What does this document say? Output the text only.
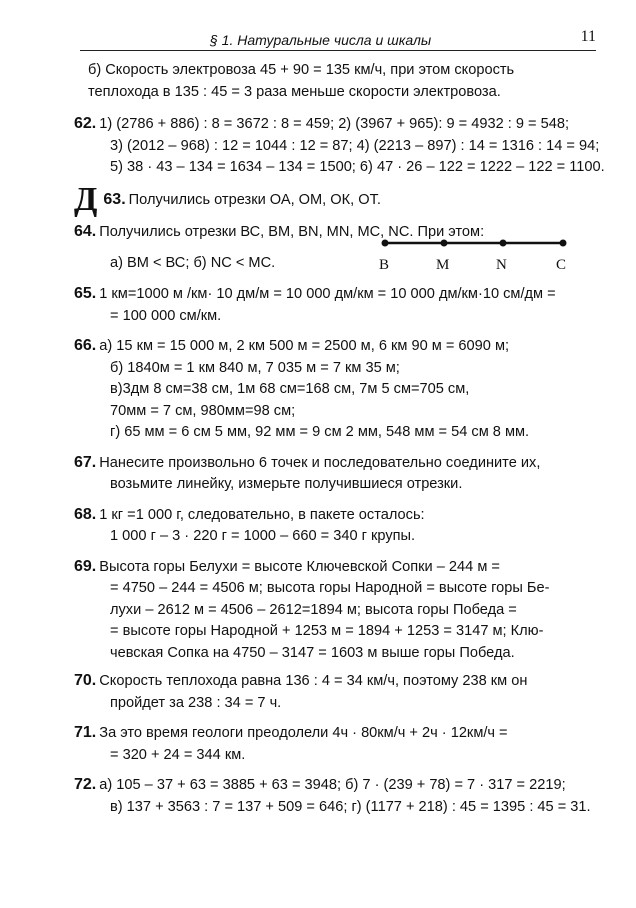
§ 1. Натуральные числа и шкалы	11
б) Скорость электровоза 45 + 90 = 135 км/ч, при этом скорость
теплохода в 135 : 45 = 3 раза меньше скорости электровоза.
62. 1) (2786 + 886) : 8 = 3672 : 8 = 459; 2) (3967 + 965): 9 = 4932 : 9 = 548;
3) (2012 – 968) : 12 = 1044 : 12 = 87; 4) (2213 – 897) : 14 = 1316 : 14 = 94;
5) 38 · 43 – 134 = 1634 – 134 = 1500; 6) 47 · 26 – 122 = 1222 – 122 = 1100.
Д 63. Получились отрезки ОА, ОМ, ОК, ОТ.
64. Получились отрезки ВС, ВМ, BN, MN, МС, NC. При этом:
а) ВМ < ВС; б) NC < МС.	B	M	N	C
65. 1 км=1000 м /км· 10 дм/м = 10 000 дм/км = 10 000 дм/км·10 см/дм =
= 100 000 см/км.
66. а) 15 км = 15 000 м, 2 км 500 м = 2500 м, 6 км 90 м = 6090 м;
б) 1840м = 1 км 840 м, 7 035 м = 7 км 35 м;
в)3дм 8 см=38 см, 1м 68 см=168 см, 7м 5 см=705 см,
70мм = 7 см, 980мм=98 см;
г) 65 мм = 6 см 5 мм, 92 мм = 9 см 2 мм, 548 мм = 54 см 8 мм.
67. Нанесите произвольно 6 точек и последовательно соедините их,
возьмите линейку, измерьте получившиеся отрезки.
68. 1 кг =1 000 г, следовательно, в пакете осталось:
1 000 г – 3 · 220 г = 1000 – 660 = 340 г крупы.
69. Высота горы Белухи = высоте Ключевской Сопки – 244 м =
= 4750 – 244 = 4506 м; высота горы Народной = высоте горы Бе-
лухи – 2612 м = 4506 – 2612=1894 м; высота горы Победа =
= высоте горы Народной + 1253 м = 1894 + 1253 = 3147 м; Клю-
чевская Сопка на 4750 – 3147 = 1603 м выше горы Победа.
70. Скорость теплохода равна 136 : 4 = 34 км/ч, поэтому 238 км он
пройдет за 238 : 34 = 7 ч.
71. За это время геологи преодолели 4ч · 80км/ч + 2ч · 12км/ч =
= 320 + 24 = 344 км.
72. а) 105 – 37 + 63 = 3885 + 63 = 3948; б) 7 · (239 + 78) = 7 · 317 = 2219;
в) 137 + 3563 : 7 = 137 + 509 = 646; г) (1177 + 218) : 45 = 1395 : 45 = 31.
